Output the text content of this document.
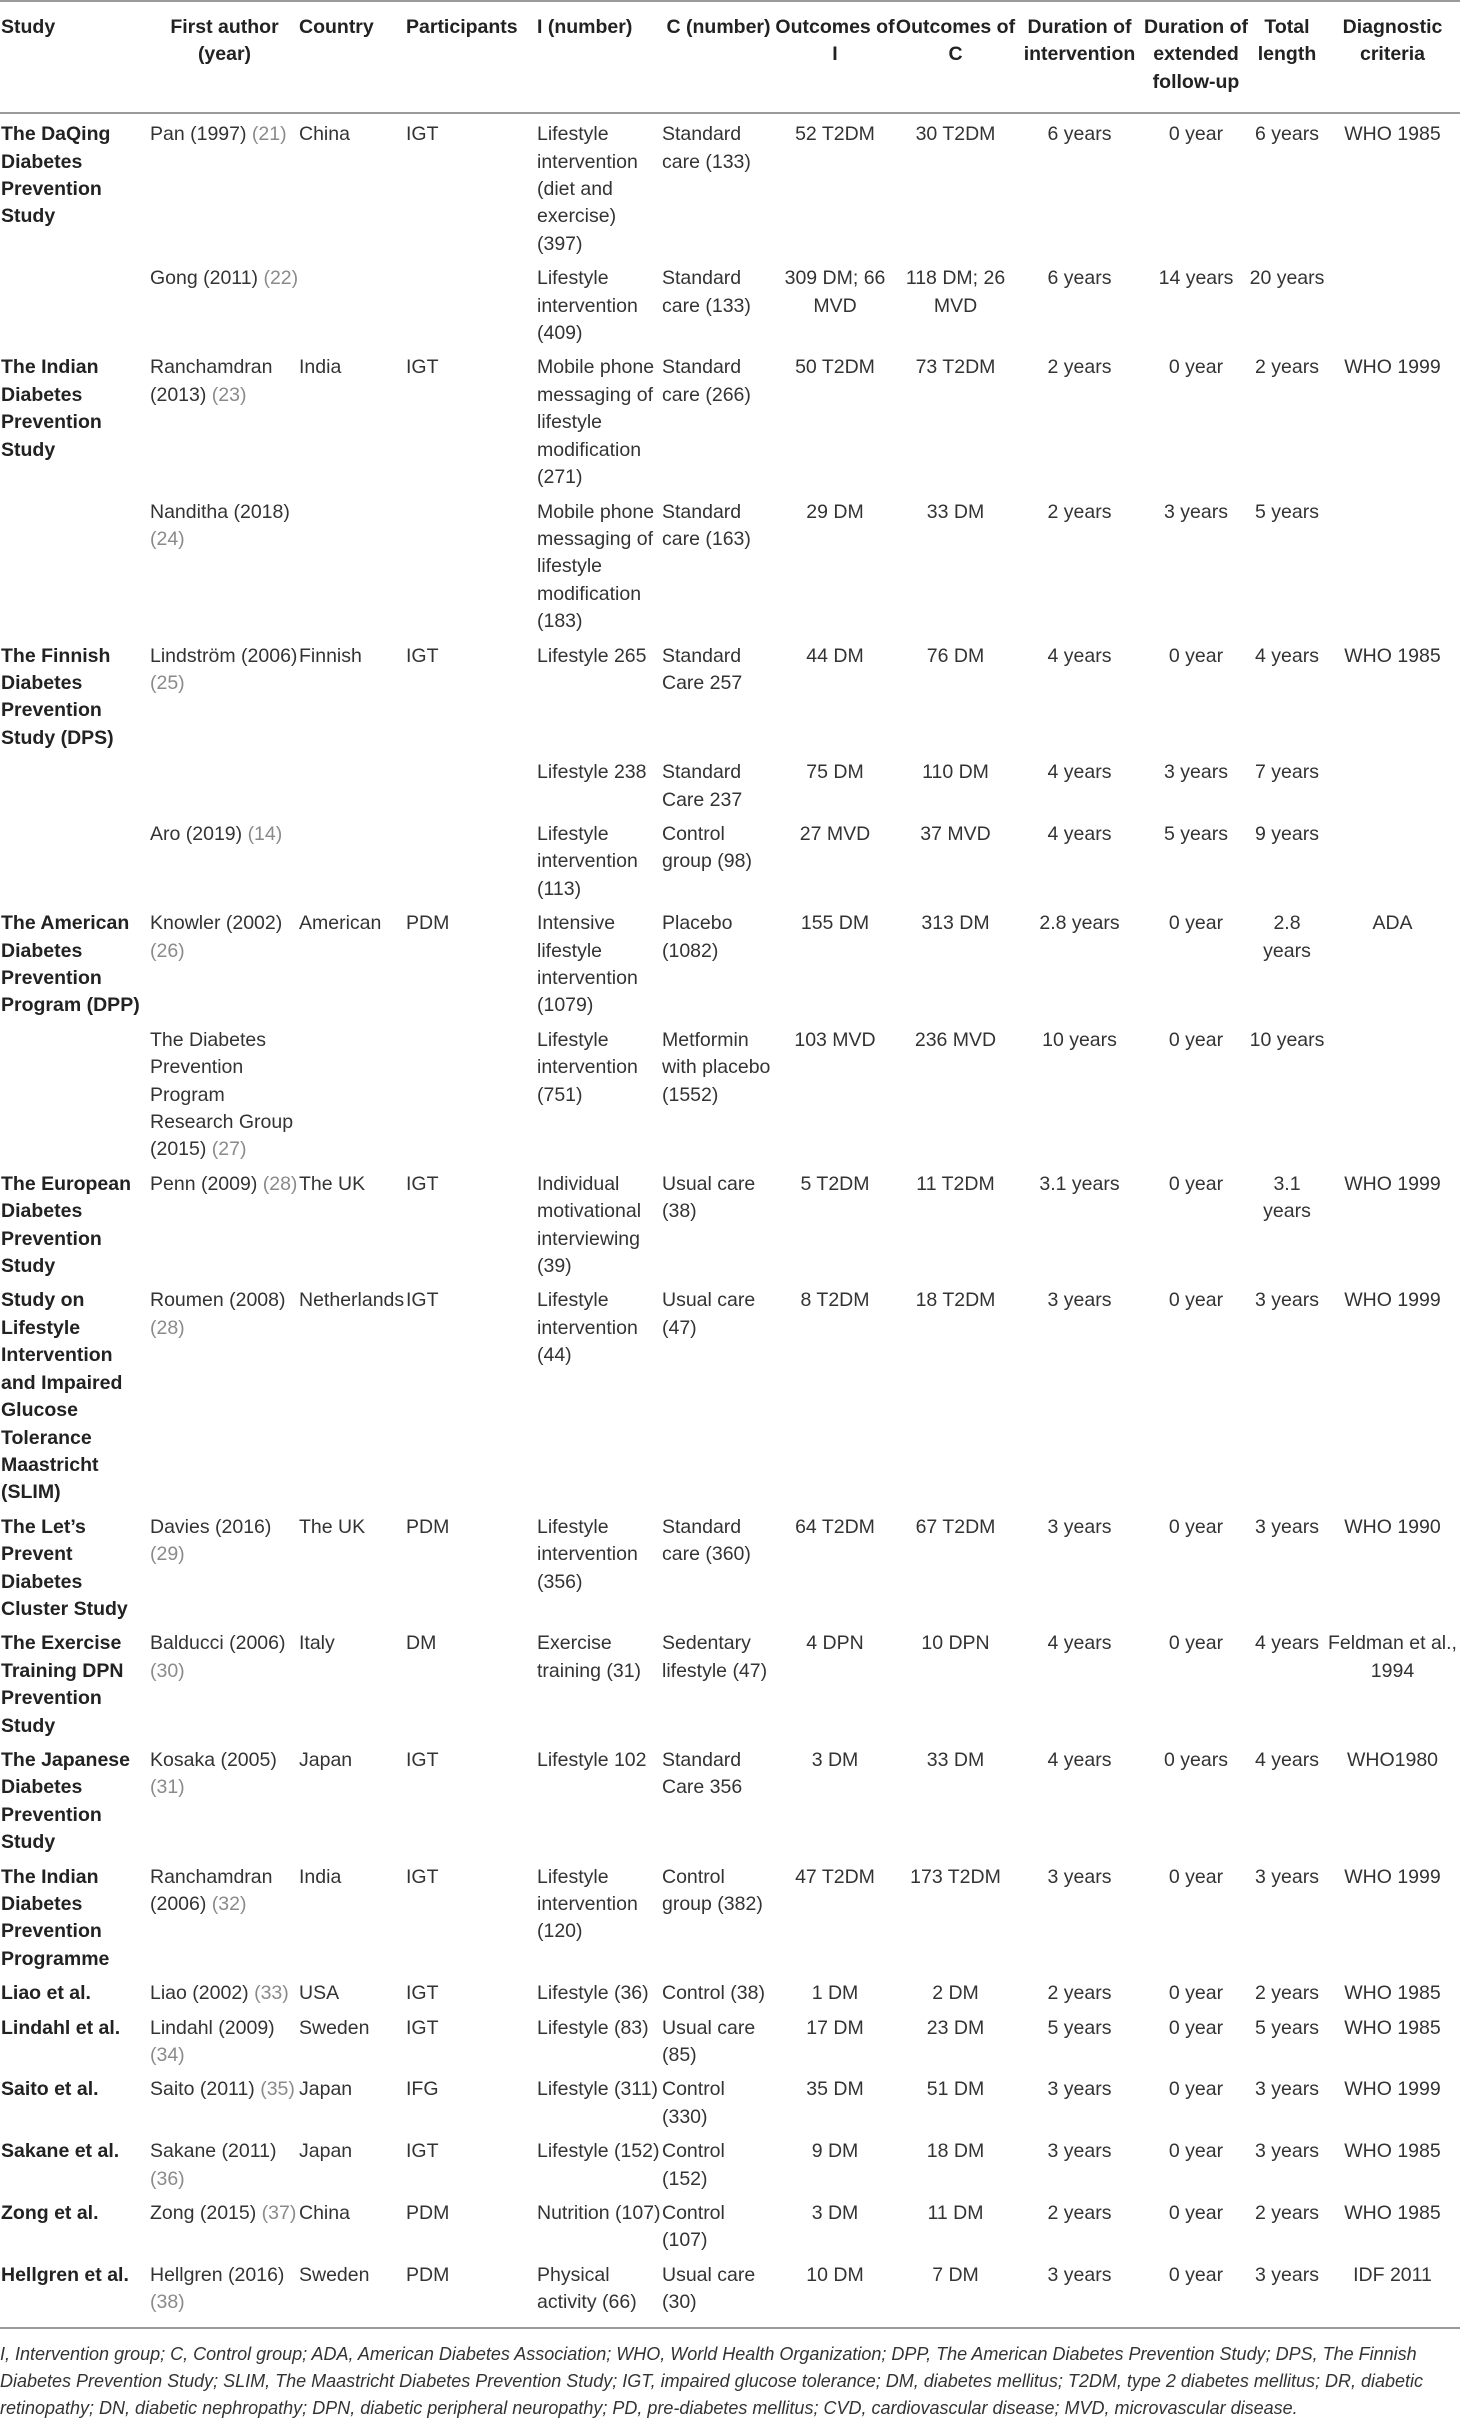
Study	First author (year)	Country	Participants	I (number)	C (number)	Outcomes of I	Outcomes of C	Duration of intervention	Duration of extended follow-up	Total length	Diagnostic criteria
The DaQing Diabetes Prevention Study	Pan (1997) (21)	China	IGT	Lifestyle intervention (diet and exercise) (397)	Standard care (133)	52 T2DM	30 T2DM	6 years	0 year	6 years	WHO 1985
	Gong (2011) (22)			Lifestyle intervention (409)	Standard care (133)	309 DM; 66 MVD	118 DM; 26 MVD	6 years	14 years	20 years	
The Indian Diabetes Prevention Study	Ranchamdran (2013) (23)	India	IGT	Mobile phone messaging of lifestyle modification (271)	Standard care (266)	50 T2DM	73 T2DM	2 years	0 year	2 years	WHO 1999
	Nanditha (2018) (24)			Mobile phone messaging of lifestyle modification (183)	Standard care (163)	29 DM	33 DM	2 years	3 years	5 years	
The Finnish Diabetes Prevention Study (DPS)	Lindström (2006) (25)	Finnish	IGT	Lifestyle 265	Standard Care 257	44 DM	76 DM	4 years	0 year	4 years	WHO 1985
				Lifestyle 238	Standard Care 237	75 DM	110 DM	4 years	3 years	7 years	
	Aro (2019) (14)			Lifestyle intervention (113)	Control group (98)	27 MVD	37 MVD	4 years	5 years	9 years	
The American Diabetes Prevention Program (DPP)	Knowler (2002) (26)	American	PDM	Intensive lifestyle intervention (1079)	Placebo (1082)	155 DM	313 DM	2.8 years	0 year	2.8 years	ADA
	The Diabetes Prevention Program Research Group (2015) (27)			Lifestyle intervention (751)	Metformin with placebo (1552)	103 MVD	236 MVD	10 years	0 year	10 years	
The European Diabetes Prevention Study	Penn (2009) (28)	The UK	IGT	Individual motivational interviewing (39)	Usual care (38)	5 T2DM	11 T2DM	3.1 years	0 year	3.1 years	WHO 1999
Study on Lifestyle Intervention and Impaired Glucose Tolerance Maastricht (SLIM)	Roumen (2008) (28)	Netherlands	IGT	Lifestyle intervention (44)	Usual care (47)	8 T2DM	18 T2DM	3 years	0 year	3 years	WHO 1999
The Let’s Prevent Diabetes Cluster Study	Davies (2016) (29)	The UK	PDM	Lifestyle intervention (356)	Standard care (360)	64 T2DM	67 T2DM	3 years	0 year	3 years	WHO 1990
The Exercise Training DPN Prevention Study	Balducci (2006) (30)	Italy	DM	Exercise training (31)	Sedentary lifestyle (47)	4 DPN	10 DPN	4 years	0 year	4 years	Feldman et al., 1994
The Japanese Diabetes Prevention Study	Kosaka (2005) (31)	Japan	IGT	Lifestyle 102	Standard Care 356	3 DM	33 DM	4 years	0 years	4 years	WHO1980
The Indian Diabetes Prevention Programme	Ranchamdran (2006) (32)	India	IGT	Lifestyle intervention (120)	Control group (382)	47 T2DM	173 T2DM	3 years	0 year	3 years	WHO 1999
Liao et al.	Liao (2002) (33)	USA	IGT	Lifestyle (36)	Control (38)	1 DM	2 DM	2 years	0 year	2 years	WHO 1985
Lindahl et al.	Lindahl (2009) (34)	Sweden	IGT	Lifestyle (83)	Usual care (85)	17 DM	23 DM	5 years	0 year	5 years	WHO 1985
Saito et al.	Saito (2011) (35)	Japan	IFG	Lifestyle (311)	Control (330)	35 DM	51 DM	3 years	0 year	3 years	WHO 1999
Sakane et al.	Sakane (2011) (36)	Japan	IGT	Lifestyle (152)	Control (152)	9 DM	18 DM	3 years	0 year	3 years	WHO 1985
Zong et al.	Zong (2015) (37)	China	PDM	Nutrition (107)	Control (107)	3 DM	11 DM	2 years	0 year	2 years	WHO 1985
Hellgren et al.	Hellgren (2016) (38)	Sweden	PDM	Physical activity (66)	Usual care (30)	10 DM	7 DM	3 years	0 year	3 years	IDF 2011
I, Intervention group; C, Control group; ADA, American Diabetes Association; WHO, World Health Organization; DPP, The American Diabetes Prevention Study; DPS, The Finnish Diabetes Prevention Study; SLIM, The Maastricht Diabetes Prevention Study; IGT, impaired glucose tolerance; DM, diabetes mellitus; T2DM, type 2 diabetes mellitus; DR, diabetic retinopathy; DN, diabetic nephropathy; DPN, diabetic peripheral neuropathy; PD, pre-diabetes mellitus; CVD, cardiovascular disease; MVD, microvascular disease.
